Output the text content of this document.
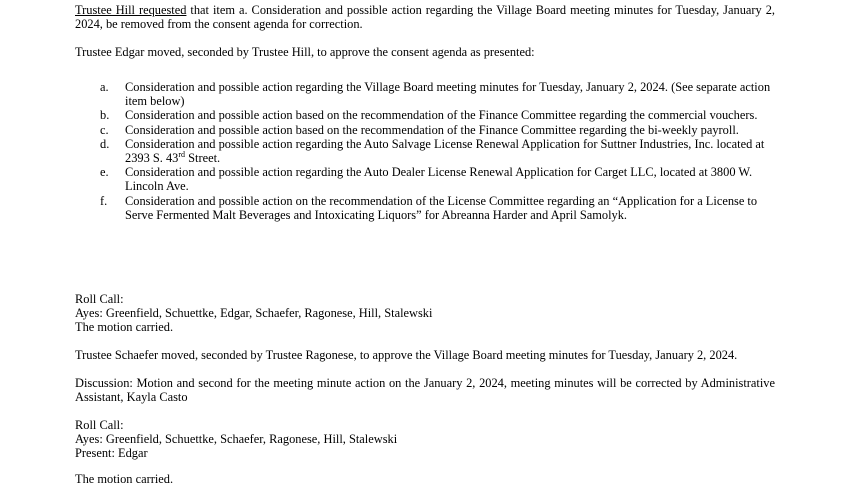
Trustee Hill requested that item a. Consideration and possible action regarding the Village Board meeting minutes for Tuesday, January 2, 2024, be removed from the consent agenda for correction.

Trustee Edgar moved, seconded by Trustee Hill, to approve the consent agenda as presented:

a. Consideration and possible action regarding the Village Board meeting minutes for Tuesday, January 2, 2024. (See separate action item below)
b. Consideration and possible action based on the recommendation of the Finance Committee regarding the commercial vouchers.
c. Consideration and possible action based on the recommendation of the Finance Committee regarding the bi-weekly payroll.
d. Consideration and possible action regarding the Auto Salvage License Renewal Application for Suttner Industries, Inc. located at 2393 S. 43rd Street.
e. Consideration and possible action regarding the Auto Dealer License Renewal Application for Carget LLC, located at 3800 W. Lincoln Ave.
f. Consideration and possible action on the recommendation of the License Committee regarding an “Application for a License to Serve Fermented Malt Beverages and Intoxicating Liquors” for Abreanna Harder and April Samolyk.

Roll Call:

Ayes: Greenfield, Schuettke, Edgar, Schaefer, Ragonese, Hill, Stalewski

The motion carried.

Trustee Schaefer moved, seconded by Trustee Ragonese, to approve the Village Board meeting minutes for Tuesday, January 2, 2024.

Discussion: Motion and second for the meeting minute action on the January 2, 2024, meeting minutes will be corrected by Administrative Assistant, Kayla Casto

Roll Call:

Ayes: Greenfield, Schuettke, Schaefer, Ragonese, Hill, Stalewski

Present: Edgar

The motion carried.
